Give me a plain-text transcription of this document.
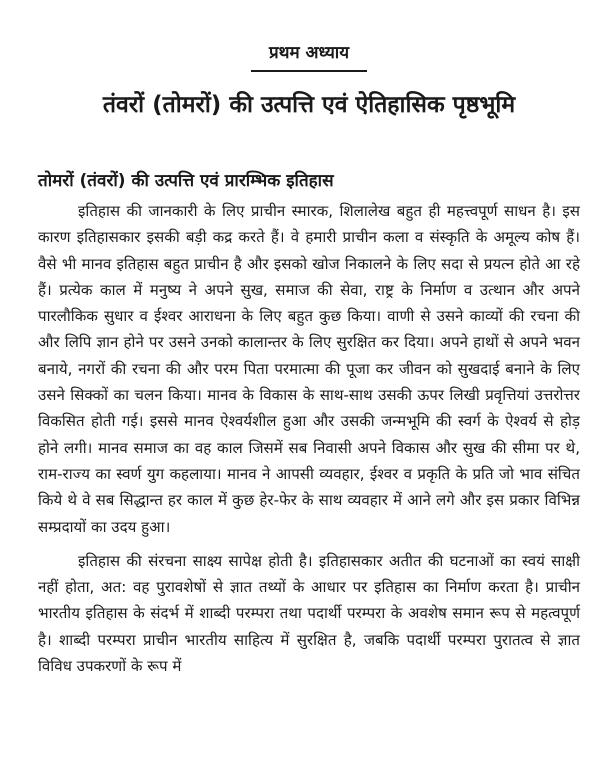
प्रथम अध्याय
तंवरों (तोमरों) की उत्पत्ति एवं ऐतिहासिक पृष्ठभूमि
तोमरों (तंवरों) की उत्पत्ति एवं प्रारम्भिक इतिहास

इतिहास की जानकारी के लिए प्राचीन स्मारक, शिलालेख बहुत ही महत्त्वपूर्ण साधन है। इस कारण इतिहासकार इसकी बड़ी कद्र करते हैं। वे हमारी प्राचीन कला व संस्कृति के अमूल्य कोष हैं। वैसे भी मानव इतिहास बहुत प्राचीन है और इसको खोज निकालने के लिए सदा से प्रयत्न होते आ रहे हैं। प्रत्येक काल में मनुष्य ने अपने सुख, समाज की सेवा, राष्ट्र के निर्माण व उत्थान और अपने पारलौकिक सुधार व ईश्वर आराधना के लिए बहुत कुछ किया। वाणी से उसने काव्यों की रचना की और लिपि ज्ञान होने पर उसने उनको कालान्तर के लिए सुरक्षित कर दिया। अपने हाथों से अपने भवन बनाये, नगरों की रचना की और परम पिता परमात्मा की पूजा कर जीवन को सुखदाई बनाने के लिए उसने सिक्कों का चलन किया। मानव के विकास के साथ-साथ उसकी ऊपर लिखी प्रवृत्तियां उत्तरोत्तर विकसित होती गई। इससे मानव ऐश्वर्यशील हुआ और उसकी जन्मभूमि की स्वर्ग के ऐश्वर्य से होड़ होने लगी। मानव समाज का वह काल जिसमें सब निवासी अपने विकास और सुख की सीमा पर थे, राम-राज्य का स्वर्ण युग कहलाया। मानव ने आपसी व्यवहार, ईश्वर व प्रकृति के प्रति जो भाव संचित किये थे वे सब सिद्धान्त हर काल में कुछ हेर-फेर के साथ व्यवहार में आने लगे और इस प्रकार विभिन्न सम्प्रदायों का उदय हुआ।

इतिहास की संरचना साक्ष्य सापेक्ष होती है। इतिहासकार अतीत की घटनाओं का स्वयं साक्षी नहीं होता, अत: वह पुरावशेषों से ज्ञात तथ्यों के आधार पर इतिहास का निर्माण करता है। प्राचीन भारतीय इतिहास के संदर्भ में शाब्दी परम्परा तथा पदार्थी परम्परा के अवशेष समान रूप से महत्वपूर्ण है। शाब्दी परम्परा प्राचीन भारतीय साहित्य में सुरक्षित है, जबकि पदार्थी परम्परा पुरातत्व से ज्ञात विविध उपकरणों के रूप में
